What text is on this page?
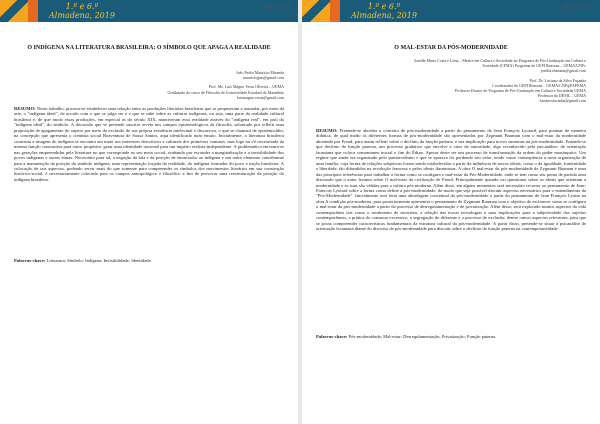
1.º e 6.º
Almadena, 2019
Página | 278
O INDÍGENA NA LITERATURA BRASILEIRA: O SÍMBOLO QUE APAGA A REALIDADE
João Pedro Mauricio Miranda
mauriciojpm@gmail.com
Prof. Ms. Luís Magno Veras Oliveira – UEMA
Graduando do curso de Filosofia da Universidade Estadual do Maranhão
luismagno.veras@gmail.com
RESUMO: Neste trabalho, procura-se estabelecer uma relação entre as produções literárias brasileiras que se propuseram a assinalar, por meio da arte, o "indígena ideal", de acordo com o que se julga ser e o que se sabe sobre as culturas indígenas, ou seja, uma parte da realidade cultural brasileira e, de que modo essas produções, em especial as do século XIX, mantiveram essa realidade através do "indígena real", em prol do "indígena ideal", do símbolo. A discussão que se pretende suscitar revela nos campos epistemológicos da filosofia, sobretudo por refletir uma proposição de apagamento do sujeito por meio da exclusão de sua própria existência intelectual e discursiva, o que se chamará de epistemicídio, na concepção que apresenta o cientista social Boaventura de Sousa Santos, aqui identificado num ensaio. Inicialmente, a literatura brasileira construiu a imagem do indígena se encontra em meio aos interesses descritivos e culturais dos primeiros contatos, mas logo no s'é necessitada da mesma função construtiva para outro propósito: gerar uma identidade nacional para um império realista-independente. A problemática encontra-se nas gerações empreendidas pela literatura no que corresponde ao seu meio social, acabando por esconder a marginalização e a invisibilidade dos povos indígenas e outras etnias. Necessário para tal, a negação da fala e da posição de enunciador ao indígena e um outro elemento contribuinte para a manutenção da posição do símbolo indígena, uma representação forjada da realidade, do indígena formador do povo e nação brasileira. A colocação de tais aspectos, podendo servir mais do que somente para compreender os símbolos dos movimentos literários em sua construção histórico-social, é necessariamente colocada para os campos antropológico e filosófico a fim de provocar uma reestruturação da posição do indígena brasileiro.
Palavras-chave: Literatura; Símbolo; Indígena; Invisibilidade; Identidade.
1.º e 6.º
Almadena, 2019
Página | 279
O MAL-ESTAR DA PÓS-MODERNIDADE
Jonilde Maria Costa e Lima – Mestre em Cultura e Sociedade no Programa de Pós-Graduação em Cultura e
Sociedade (CFMA) Programa de GEPI Reasons – UEMA/UNFc
jonilla.rhamma@gmail.com
Prof. Dr. Luciano da Silva Façanha
Coordenador do GEPI Reasons – UEMA/CNPq/FAPEMA
Professor Doutor do Programa de Pós-Graduação em Cultura e Sociedade UEMA
Professor do DEFIL – UEMA
lucianosfacanha@gmail.com
RESUMO: Pretende-se abordar o conceito de pós-modernidade a partir do pensamento de Jean François Lyotard, para pontuar de maneira didática, de qual modo as diferentes formas de pós-modernidade são apresentadas por Zygmunt Bauman com o mal-estar da modernidade abordado por Freud, para assim refletir sobre o declínio da função paterna, e sua implicação para novos sintomas na pós-modernidade. Entende-se que declínio da função paterna, um processo gradativo que envolve a crise da autoridade, algo reconhecido pela psicanálise, de orientação lacaniana que coloca consentaneo inicial o fim do Édipo. Apesar deste ser um processo de transformação da ordem do poder monárquico. Um regime que ainda era organizado pelo patriarcalismo e que se apoiava foi perdendo seu valor, tendo como consequência a nova organização de uma família, cuja forma de relações subjetivas foram sendo estabelecidas a partir da influência de novos ideais, como o da igualdade, fraternidade e liberdade, tão difundidos na revolução francesa e pelos ideais iluministas. A obra O mal-estar da pós-modernidade de Zygmunt Bauman é uma das principais referências para trabalhar a forma como se configura o mal-estar da Pós-Modernidade, onde se tem como seu ponto de partida uma discussão que o autor levanta sobre O mal-estar da civilização de Freud. Principalmente quando vai questionar sobre os ideais que orientam a modernidade e as suas são válidas para a cultura pós-moderna. Além disso, em alguns momentos será necessário recorrer ao pensamento de Jean-Francois Lyotard sobre a forma como define a pós-modernidade, de modo que seja possível discutir aspectos necessários para o entendimento da "Pós-Modernidade". Inicialmente será feita uma abordagem conceitual da pós-modernidade a partir do pensamento de Jean François Lyotar na obra A condição pós-moderna, para posteriormente apresentar o pensamento de Zygmunt Bauman com o objetivo de esclarecer como se configura o mal-estar da pós-modernidade a partir do processo de desregulamentação e de privatização. Além disso, será explorado muitos aspectos da vida contemporânea tais como o sentimento de incerteza, a relação das novas tecnologias e suas implicações para a subjetividade dos sujeitos contemporâneos, a prática do consumo excessivo, a segregação do diferente e o processo de exclusão, dentre outros aspectos relevantes, para que se possa compreender características fundamentais da estrutura cultural da pós-modernidade. A partir disso, pretende-se situar a psicanálise de orientação lacaniana diante do discurso da pós-modernidade para discutir sobre o declínio da função paterna na contemporaneidade.
Palavras-chave: Pós-modernidade; Mal-estar; Desregulamentação; Privatização; Função paterna.
